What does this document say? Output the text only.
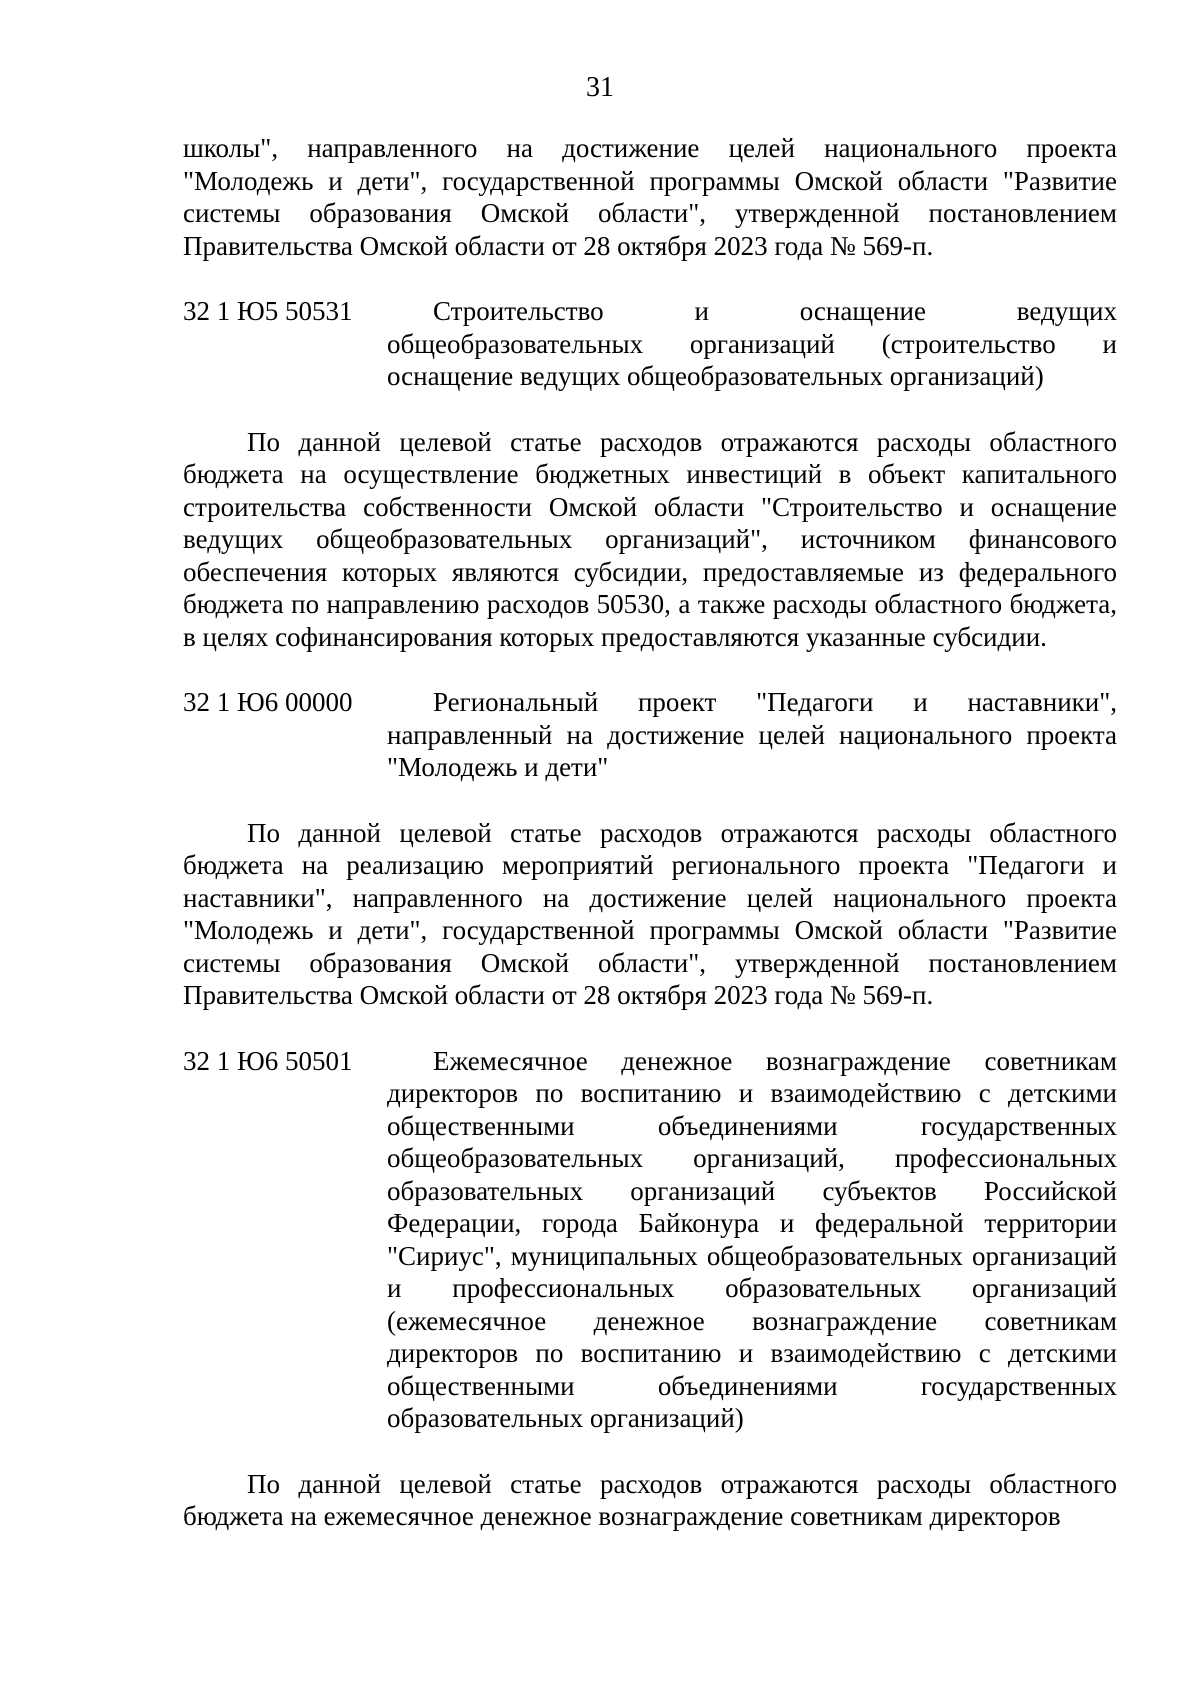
31

школы", направленного на достижение целей национального проекта "Молодежь и дети", государственной программы Омской области "Развитие системы образования Омской области", утвержденной постановлением Правительства Омской области от 28 октября 2023 года № 569-п.

32 1 Ю5 50531	Строительство и оснащение ведущих общеобразовательных организаций (строительство и оснащение ведущих общеобразовательных организаций)

По данной целевой статье расходов отражаются расходы областного бюджета на осуществление бюджетных инвестиций в объект капитального строительства собственности Омской области "Строительство и оснащение ведущих общеобразовательных организаций", источником финансового обеспечения которых являются субсидии, предоставляемые из федерального бюджета по направлению расходов 50530, а также расходы областного бюджета, в целях софинансирования которых предоставляются указанные субсидии.

32 1 Ю6 00000	Региональный проект "Педагоги и наставники", направленный на достижение целей национального проекта "Молодежь и дети"

По данной целевой статье расходов отражаются расходы областного бюджета на реализацию мероприятий регионального проекта "Педагоги и наставники", направленного на достижение целей национального проекта "Молодежь и дети", государственной программы Омской области "Развитие системы образования Омской области", утвержденной постановлением Правительства Омской области от 28 октября 2023 года № 569-п.

32 1 Ю6 50501	Ежемесячное денежное вознаграждение советникам директоров по воспитанию и взаимодействию с детскими общественными объединениями государственных общеобразовательных организаций, профессиональных образовательных организаций субъектов Российской Федерации, города Байконура и федеральной территории "Сириус", муниципальных общеобразовательных организаций и профессиональных образовательных организаций (ежемесячное денежное вознаграждение советникам директоров по воспитанию и взаимодействию с детскими общественными объединениями государственных образовательных организаций)

По данной целевой статье расходов отражаются расходы областного бюджета на ежемесячное денежное вознаграждение советникам директоров
